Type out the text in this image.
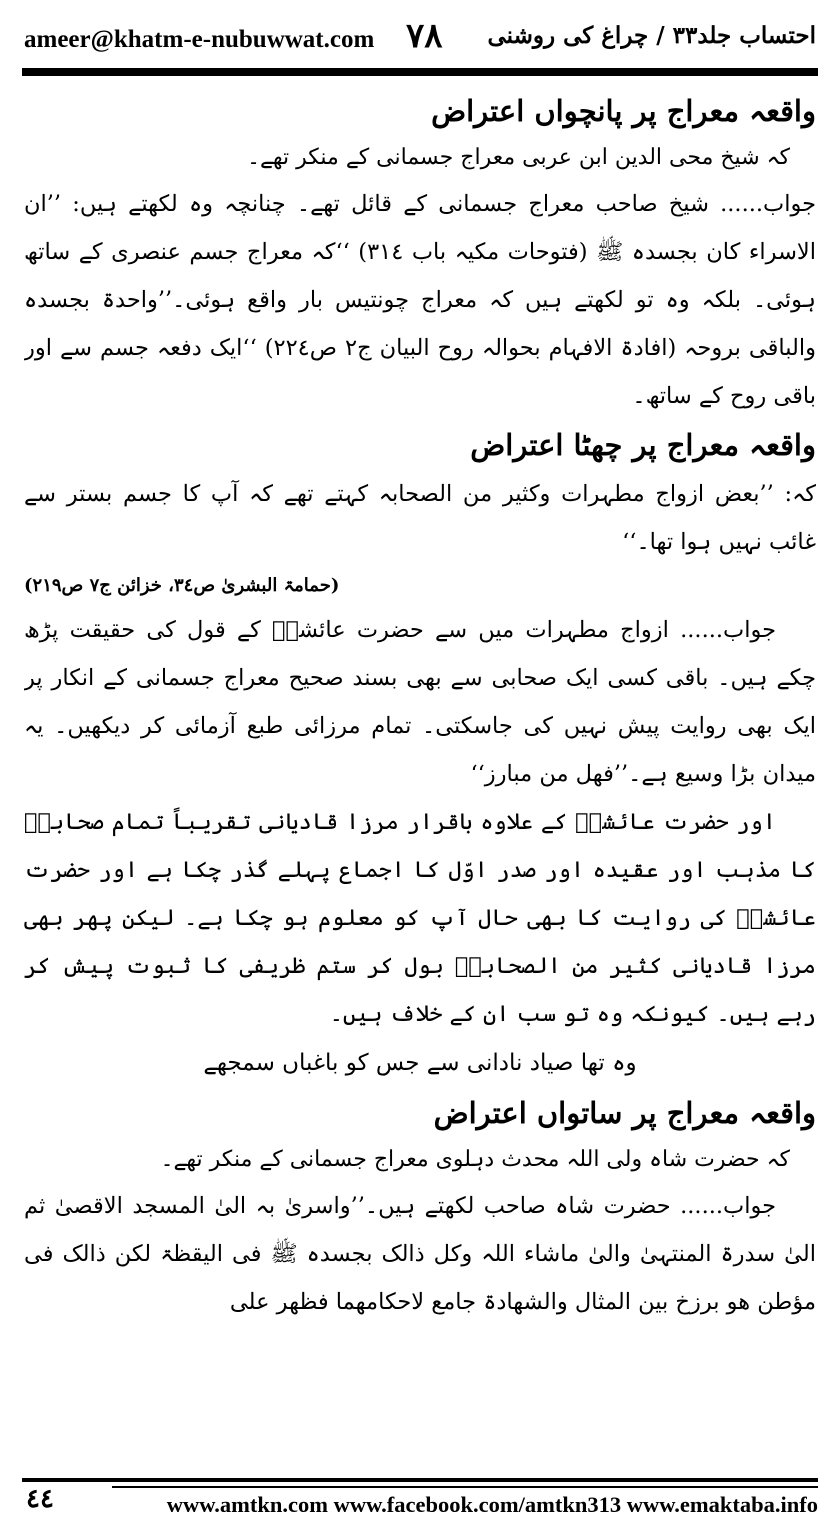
ameer@khatm-e-nubuwwat.com ۷۸ احتساب جلد۳۳ / چراغ کی روشنی

واقعہ معراج پر پانچواں اعتراض

کہ شیخ محی الدین ابن عربی معراج جسمانی کے منکر تھے۔

جواب...... شیخ صاحب معراج جسمانی کے قائل تھے۔ چنانچہ وہ لکھتے ہیں: ’’ان الاسراء کان بجسدہ ﷺ (فتوحات مکیہ باب ۳۱٤) ‘‘کہ معراج جسم عنصری کے ساتھ ہوئی۔ بلکہ وہ تو لکھتے ہیں کہ معراج چونتیس بار واقع ہوئی۔’’واحدۃ بجسدہ والباقی بروحہ (افادۃ الافہام بحوالہ روح البیان ج۲ ص۲۲٤) ‘‘ایک دفعہ جسم سے اور باقی روح کے ساتھ۔

واقعہ معراج پر چھٹا اعتراض

کہ: ’’بعض ازواج مطہرات وکثیر من الصحابہ کہتے تھے کہ آپ کا جسم بستر سے غائب نہیں ہوا تھا۔‘‘

(حمامۃ البشریٰ ص۳٤، خزائن ج۷ ص۲۱۹)

جواب...... ازواج مطہرات میں سے حضرت عائشہؓ کے قول کی حقیقت پڑھ چکے ہیں۔ باقی کسی ایک صحابی سے بھی بسند صحیح معراج جسمانی کے انکار پر ایک بھی روایت پیش نہیں کی جاسکتی۔ تمام مرزائی طبع آزمائی کر دیکھیں۔ یہ میدان بڑا وسیع ہے۔’’فھل من مبارز‘‘

اور حضرت عائشہؓ کے علاوہ باقرار مرزا قادیانی تقریباً تمام صحابہؓ کا مذہب اور عقیدہ اور صدر اوّل کا اجماع پہلے گذر چکا ہے اور حضرت عائشہؓ کی روایت کا بھی حال آپ کو معلوم ہو چکا ہے۔ لیکن پھر بھی مرزا قادیانی کثیر من الصحابہؓ بول کر ستم ظریفی کا ثبوت پیش کر رہے ہیں۔ کیونکہ وہ تو سب ان کے خلاف ہیں۔

وہ تھا صیاد نادانی سے جس کو باغباں سمجھے

واقعہ معراج پر ساتواں اعتراض

کہ حضرت شاہ ولی اللہ محدث دہلوی معراج جسمانی کے منکر تھے۔

جواب...... حضرت شاہ صاحب لکھتے ہیں۔’’واسریٰ بہ الیٰ المسجد الاقصیٰ ثم الیٰ سدرۃ المنتہیٰ والیٰ ماشاء اللہ وکل ذالک بجسدہ ﷺ فی الیقظۃ لکن ذالک فی مؤطن ھو برزخ بین المثال والشھادۃ جامع لاحکامھما فظھر علی

٤٤	www.amtkn.com www.facebook.com/amtkn313 www.emaktaba.info
